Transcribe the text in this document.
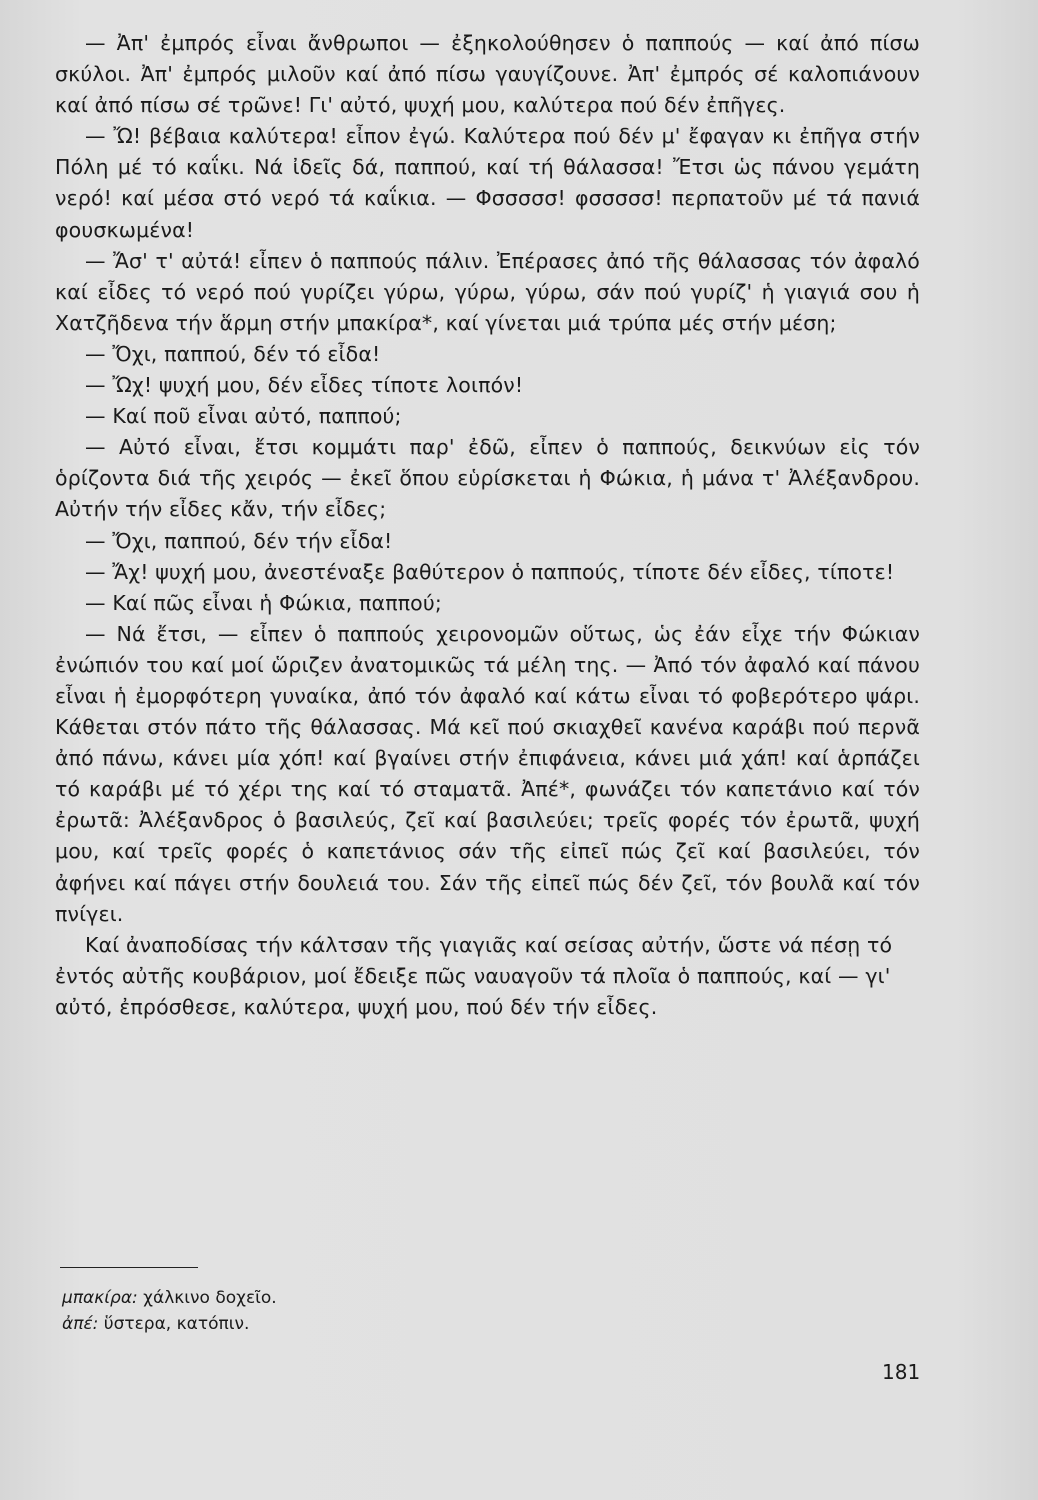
— Ἀπ' ἐμπρός εἶναι ἄνθρωποι — ἐξηκολούθησεν ὁ παππούς — καί ἀπό πίσω σκύλοι. Ἀπ' ἐμπρός μιλοῦν καί ἀπό πίσω γαυγίζουνε. Ἀπ' ἐμπρός σέ καλοπιάνουν καί ἀπό πίσω σέ τρῶνε! Γι' αὐτό, ψυχή μου, καλύτερα πού δέν ἐπῆγες.

— Ὤ! βέβαια καλύτερα! εἶπον ἐγώ. Καλύτερα πού δέν μ' ἔφαγαν κι ἐπῆγα στήν Πόλη μέ τό καΐκι. Νά ἰδεῖς δά, παππού, καί τή θάλασσα! Ἔτσι ὡς πάνου γεμάτη νερό! καί μέσα στό νερό τά καΐκια. — Φσσσσσ! φσσσσσ! περπατοῦν μέ τά πανιά φουσκωμένα!

— Ἄσ' τ' αὐτά! εἶπεν ὁ παππούς πάλιν. Ἐπέρασες ἀπό τῆς θάλασσας τόν ἀφαλό καί εἶδες τό νερό πού γυρίζει γύρω, γύρω, γύρω, σάν πού γυρίζ' ἡ γιαγιά σου ἡ Χατζῆδενα τήν ἅρμη στήν μπακίρα*, καί γίνεται μιά τρύπα μές στήν μέση;

— Ὄχι, παππού, δέν τό εἶδα!

— Ὤχ! ψυχή μου, δέν εἶδες τίποτε λοιπόν!

— Καί ποῦ εἶναι αὐτό, παππού;

— Αὐτό εἶναι, ἔτσι κομμάτι παρ' ἐδῶ, εἶπεν ὁ παππούς, δεικνύων εἰς τόν ὁρίζοντα διά τῆς χειρός — ἐκεῖ ὅπου εὑρίσκεται ἡ Φώκια, ἡ μάνα τ' Ἀλέξανδρου. Αὐτήν τήν εἶδες κἄν, τήν εἶδες;

— Ὄχι, παππού, δέν τήν εἶδα!

— Ἄχ! ψυχή μου, ἀνεστέναξε βαθύτερον ὁ παππούς, τίποτε δέν εἶδες, τίποτε!

— Καί πῶς εἶναι ἡ Φώκια, παππού;

— Νά ἔτσι, — εἶπεν ὁ παππούς χειρονομῶν οὕτως, ὡς ἐάν εἶχε τήν Φώκιαν ἐνώπιόν του καί μοί ὥριζεν ἀνατομικῶς τά μέλη της. — Ἀπό τόν ἀφαλό καί πάνου εἶναι ἡ ἐμορφότερη γυναίκα, ἀπό τόν ἀφαλό καί κάτω εἶναι τό φοβερότερο ψάρι. Κάθεται στόν πάτο τῆς θάλασσας. Μά κεῖ πού σκιαχθεῖ κανένα καράβι πού περνᾶ ἀπό πάνω, κάνει μία χόπ! καί βγαίνει στήν ἐπιφάνεια, κάνει μιά χάπ! καί ἁρπάζει τό καράβι μέ τό χέρι της καί τό σταματᾶ. Ἀπέ*, φωνάζει τόν καπετάνιο καί τόν ἐρωτᾶ: Ἀλέξανδρος ὁ βασιλεύς, ζεῖ καί βασιλεύει; τρεῖς φορές τόν ἐρωτᾶ, ψυχή μου, καί τρεῖς φορές ὁ καπετάνιος σάν τῆς εἰπεῖ πώς ζεῖ καί βασιλεύει, τόν ἀφήνει καί πάγει στήν δουλειά του. Σάν τῆς εἰπεῖ πώς δέν ζεῖ, τόν βουλᾶ καί τόν πνίγει.

Καί ἀναποδίσας τήν κάλτσαν τῆς γιαγιᾶς καί σείσας αὐτήν, ὥστε νά πέσῃ τό ἐντός αὐτῆς κουβάριον, μοί ἔδειξε πῶς ναυαγοῦν τά πλοῖα ὁ παππούς, καί — γι' αὐτό, ἐπρόσθεσε, καλύτερα, ψυχή μου, πού δέν τήν εἶδες.

μπακίρα: χάλκινο δοχεῖο.

ἀπέ: ὕστερα, κατόπιν.

181
